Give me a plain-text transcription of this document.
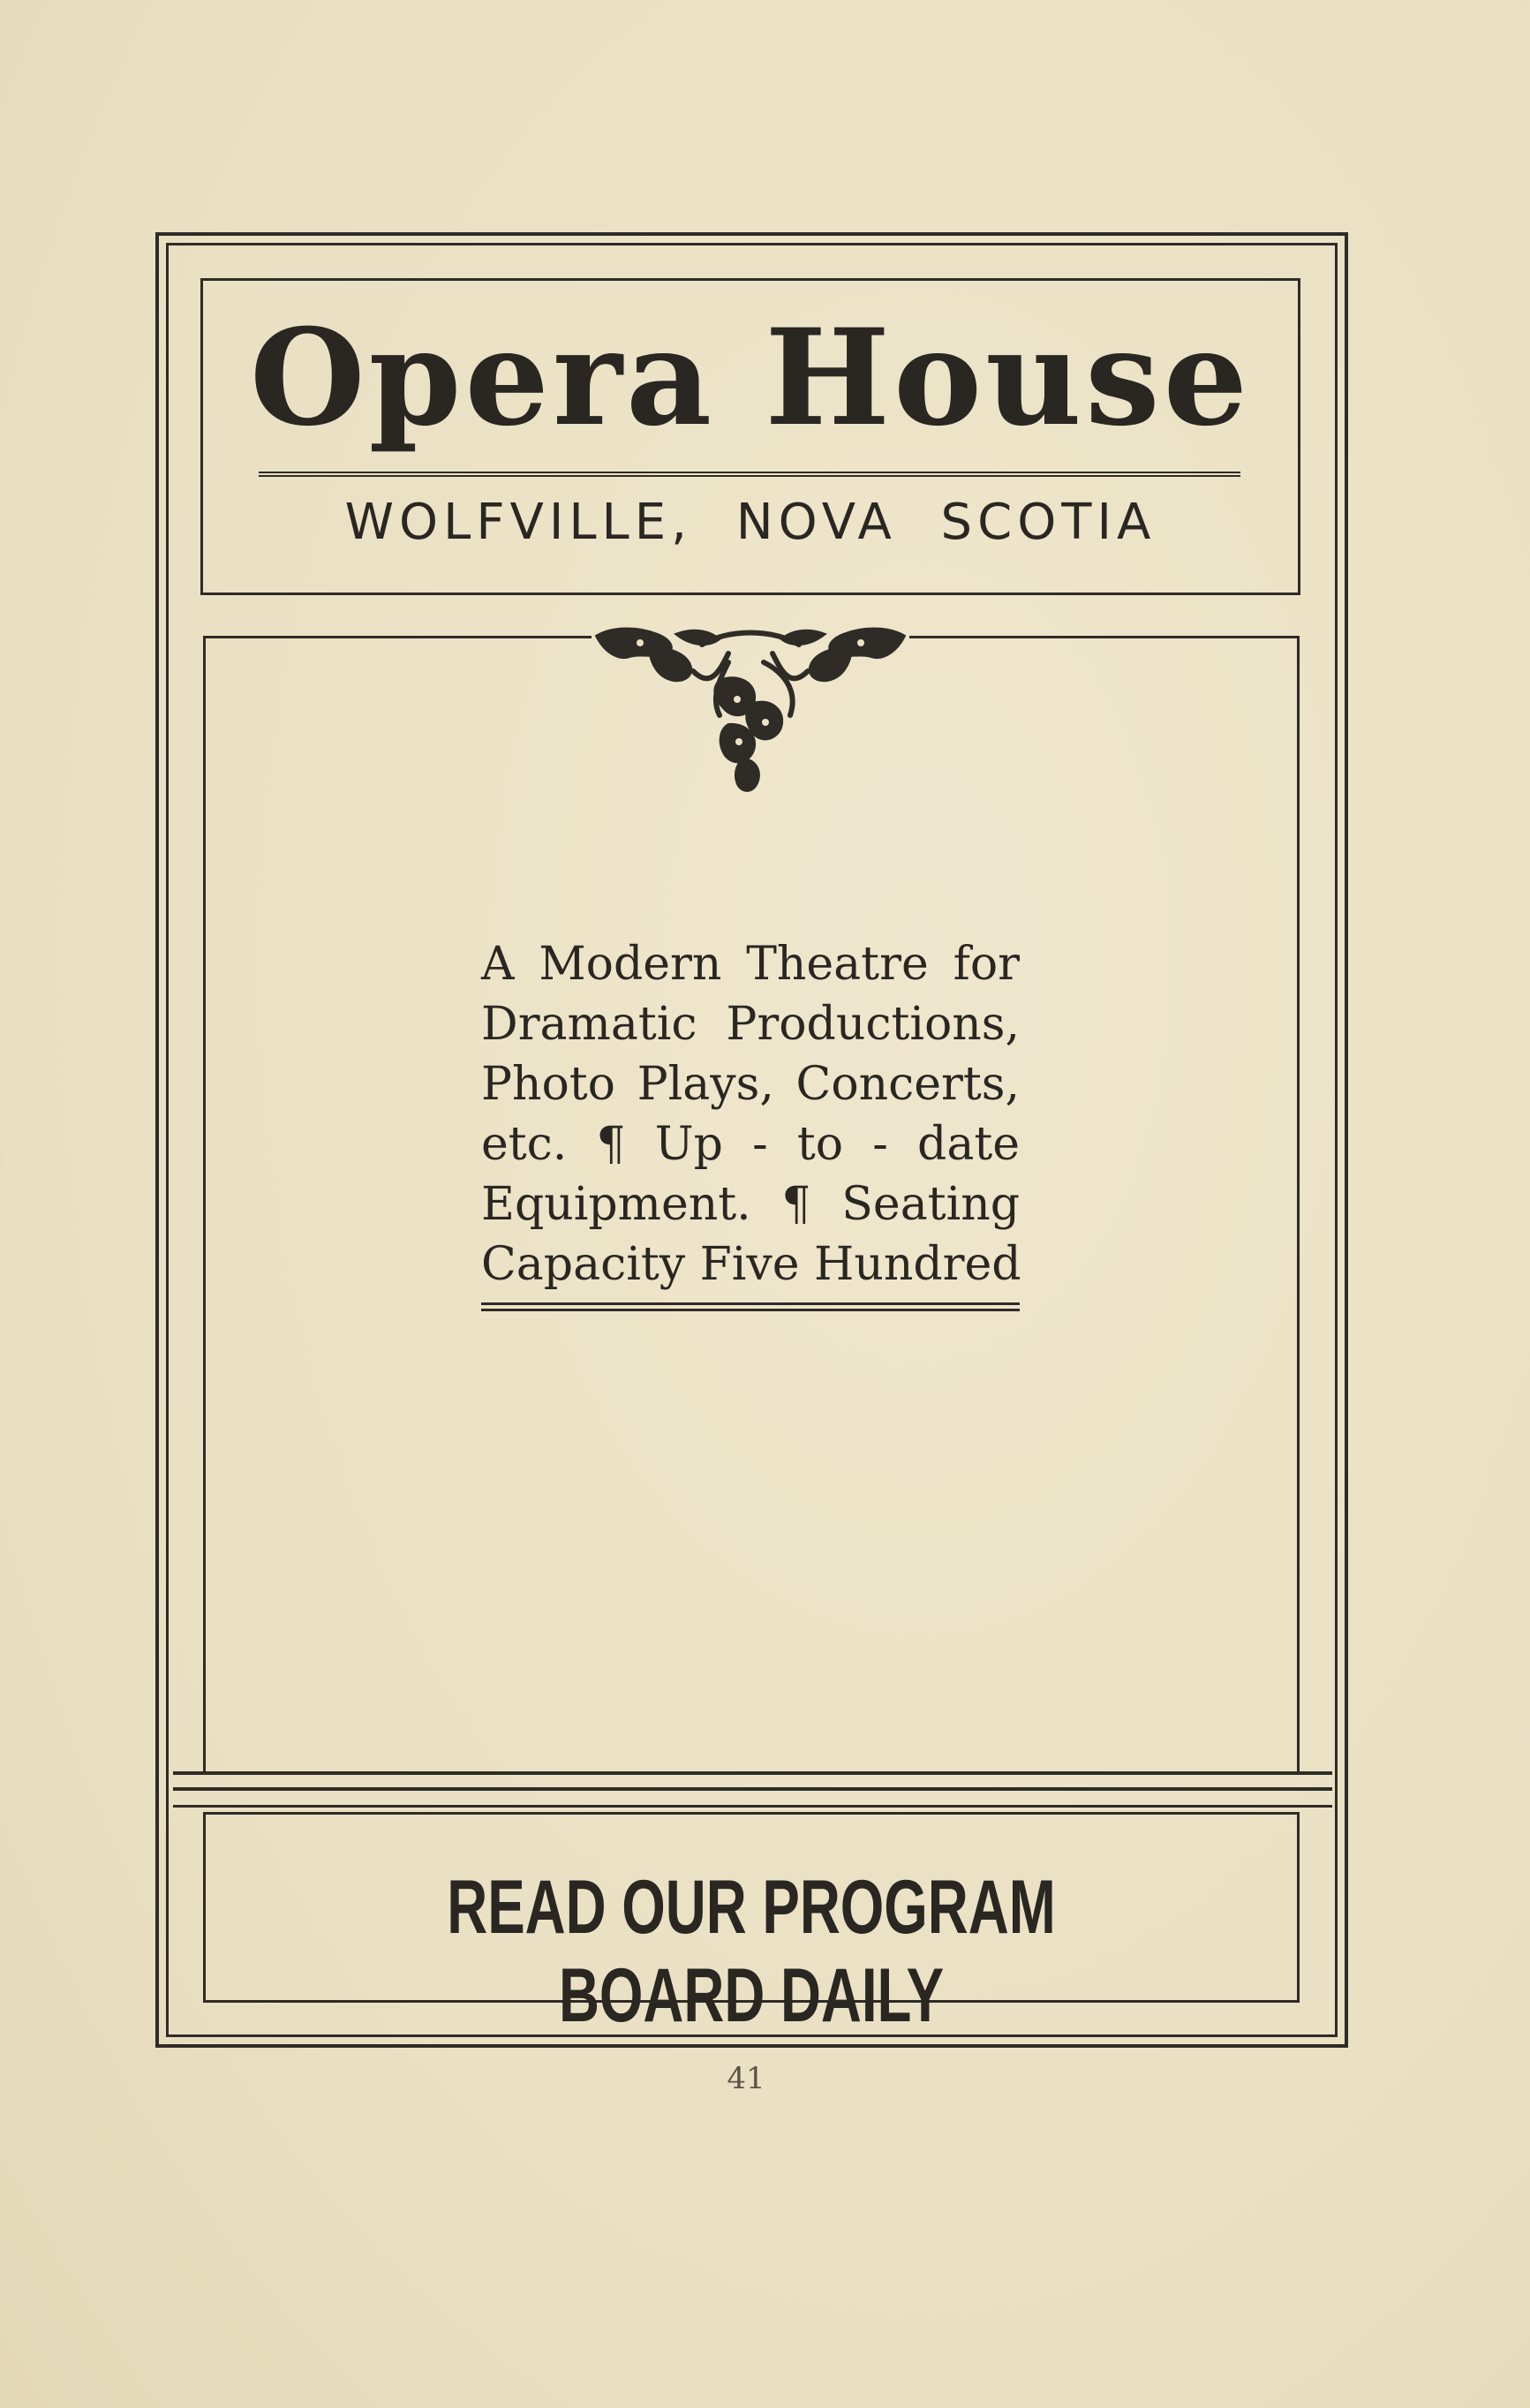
Opera House
WOLFVILLE, NOVA SCOTIA
A Modern Theatre for
Dramatic Productions,
Photo Plays, Concerts,
etc. ¶ Up - to - date
Equipment. ¶ Seating
Capacity Five Hundred
READ OUR PROGRAM BOARD DAILY
41
